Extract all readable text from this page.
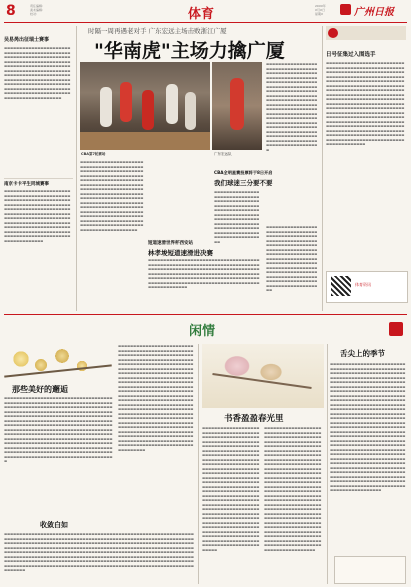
8	责任编辑：
美术编辑：
校对：	体育
20XX年
X月X日
星期X	广州日报
吴易昺出征瑞士赛事
▬▬▬▬▬▬▬▬▬▬▬▬▬▬▬▬▬▬▬▬▬▬▬▬▬▬▬▬▬▬▬▬▬▬▬▬▬▬▬▬▬▬▬▬▬▬▬▬▬▬▬▬▬▬▬▬▬▬▬▬▬▬▬▬▬▬▬▬▬▬▬▬▬▬▬▬▬▬▬▬▬▬▬▬▬▬▬▬▬▬▬▬▬▬▬▬▬▬▬▬▬▬▬▬▬▬▬▬▬▬▬▬▬▬▬▬▬▬▬▬▬▬▬▬▬▬▬▬▬▬▬▬▬▬▬▬▬▬▬▬▬▬▬▬▬▬▬▬▬▬▬▬▬▬▬▬▬▬▬▬▬▬▬▬▬▬▬▬▬▬▬▬▬▬▬▬▬▬▬▬▬▬▬▬▬▬▬▬▬▬▬▬▬▬▬▬▬▬▬▬▬▬▬▬▬▬▬▬▬▬▬▬▬▬▬▬▬▬▬▬▬▬▬▬▬▬▬▬▬▬▬▬▬▬▬▬▬▬▬▬▬▬▬▬▬▬▬▬▬▬▬▬▬▬▬▬▬▬▬▬▬
南京卡卡平生同城赛事
▬▬▬▬▬▬▬▬▬▬▬▬▬▬▬▬▬▬▬▬▬▬▬▬▬▬▬▬▬▬▬▬▬▬▬▬▬▬▬▬▬▬▬▬▬▬▬▬▬▬▬▬▬▬▬▬▬▬▬▬▬▬▬▬▬▬▬▬▬▬▬▬▬▬▬▬▬▬▬▬▬▬▬▬▬▬▬▬▬▬▬▬▬▬▬▬▬▬▬▬▬▬▬▬▬▬▬▬▬▬▬▬▬▬▬▬▬▬▬▬▬▬▬▬▬▬▬▬▬▬▬▬▬▬▬▬▬▬▬▬▬▬▬▬▬▬▬▬▬▬▬▬▬▬▬▬▬▬▬▬▬▬▬▬▬▬▬▬▬▬▬▬▬▬▬▬▬▬▬▬▬▬▬▬▬▬▬▬▬▬▬▬▬▬▬▬▬▬▬▬▬▬▬▬▬▬▬▬▬▬▬▬▬▬▬▬▬▬▬▬▬▬▬▬▬▬▬▬▬▬▬▬▬▬▬▬▬▬▬▬▬▬▬▬▬▬▬▬▬▬▬▬▬▬▬
时隔一周再遇老对手 广东宏远主场击败浙江广厦
"华南虎"主场力擒广厦
CBA第7轮赛场	广东宏远队
▬▬▬▬▬▬▬▬▬▬▬▬▬▬▬▬▬▬▬▬▬▬▬▬▬▬▬▬▬▬▬▬▬▬▬▬▬▬▬▬▬▬▬▬▬▬▬▬▬▬▬▬▬▬▬▬▬▬▬▬▬▬▬▬▬▬▬▬▬▬▬▬▬▬▬▬▬▬▬▬▬▬▬▬▬▬▬▬▬▬▬▬▬▬▬▬▬▬▬▬▬▬▬▬▬▬▬▬▬▬▬▬▬▬▬▬▬▬▬▬▬▬▬▬▬▬▬▬▬▬▬▬▬▬▬▬▬▬▬▬▬▬▬▬▬▬▬▬▬▬▬▬▬▬▬▬▬▬▬▬▬▬▬▬▬▬▬▬▬▬▬▬▬▬▬▬▬▬▬▬▬▬▬▬▬▬▬▬▬▬▬▬▬▬▬▬▬▬▬▬▬▬▬▬▬▬▬▬▬▬▬▬▬▬▬▬▬▬▬▬▬▬▬▬▬▬▬▬▬▬▬▬▬▬▬▬▬▬▬▬▬▬▬▬▬▬▬▬▬▬▬▬▬▬▬▬▬▬▬▬▬▬▬▬▬▬▬▬▬▬▬▬▬▬▬▬▬▬▬▬▬▬▬▬▬▬▬▬▬▬▬▬▬▬▬▬▬▬▬▬▬▬▬▬▬▬▬▬▬▬▬▬▬▬▬▬▬▬▬▬▬▬▬▬▬▬▬▬▬▬▬▬▬▬
短道速滑世界杯西安站
林孝埈短道速滑进决赛
▬▬▬▬▬▬▬▬▬▬▬▬▬▬▬▬▬▬▬▬▬▬▬▬▬▬▬▬▬▬▬▬▬▬▬▬▬▬▬▬▬▬▬▬▬▬▬▬▬▬▬▬▬▬▬▬▬▬▬▬▬▬▬▬▬▬▬▬▬▬▬▬▬▬▬▬▬▬▬▬▬▬▬▬▬▬▬▬▬▬▬▬▬▬▬▬▬▬▬▬▬▬▬▬▬▬▬▬▬▬▬▬▬▬▬▬▬▬▬▬▬▬▬▬▬▬▬▬▬▬▬▬▬▬▬▬▬▬▬▬▬▬▬▬▬▬▬▬▬▬▬▬▬▬▬▬▬▬▬▬▬▬▬▬▬▬▬▬▬▬▬▬▬▬▬▬▬▬▬▬▬▬▬▬▬▬▬▬▬▬▬▬▬▬▬▬▬▬▬▬▬▬▬▬▬▬▬▬▬▬▬▬▬▬▬▬▬▬▬▬▬▬▬▬▬▬▬▬▬▬▬▬▬▬▬
▬▬▬▬▬▬▬▬▬▬▬▬▬▬▬▬▬▬▬▬▬▬▬▬▬▬▬▬▬▬▬▬▬▬▬▬▬▬▬▬▬▬▬▬▬▬▬▬▬▬▬▬▬▬▬▬▬▬▬▬▬▬▬▬▬▬▬▬▬▬▬▬▬▬▬▬▬▬▬▬▬▬▬▬▬▬▬▬▬▬▬▬▬▬▬▬▬▬▬▬▬▬▬▬▬▬▬▬▬▬▬▬▬▬▬▬▬▬▬▬▬▬▬▬▬▬▬▬▬▬▬▬▬▬▬▬▬▬▬▬▬▬▬▬▬▬▬▬▬▬▬▬▬▬▬▬▬▬▬▬▬▬▬▬▬▬▬▬▬▬▬▬▬▬▬▬▬▬▬▬▬▬▬▬▬▬▬▬▬▬▬▬▬▬▬▬▬▬▬▬▬▬▬▬▬▬▬▬▬▬▬▬▬▬▬▬▬▬▬▬▬▬▬▬▬▬▬▬▬▬▬▬▬▬▬▬▬▬▬▬▬▬▬▬▬▬▬▬▬▬▬▬▬▬▬▬▬▬▬▬▬▬▬▬▬▬▬▬▬▬▬▬▬▬▬▬▬▬▬▬▬▬▬▬▬▬▬▬▬▬▬▬▬▬▬▬▬▬▬▬▬▬▬▬▬▬▬▬▬▬▬▬▬▬▬▬▬▬▬▬▬▬▬▬
CBA全明星赛投票将于8日开启
我们球迷三分要不要
▬▬▬▬▬▬▬▬▬▬▬▬▬▬▬▬▬▬▬▬▬▬▬▬▬▬▬▬▬▬▬▬▬▬▬▬▬▬▬▬▬▬▬▬▬▬▬▬▬▬▬▬▬▬▬▬▬▬▬▬▬▬▬▬▬▬▬▬▬▬▬▬▬▬▬▬▬▬▬▬▬▬▬▬▬▬▬▬▬▬▬▬▬▬▬▬▬▬▬▬▬▬▬▬▬▬▬▬▬▬▬▬▬▬▬▬▬▬▬▬▬▬▬▬▬▬▬▬▬▬▬▬▬▬▬▬▬▬▬▬▬▬▬▬▬▬▬▬▬▬▬▬▬▬▬▬▬▬▬▬▬▬▬▬▬▬▬
▬▬▬▬▬▬▬▬▬▬▬▬▬▬▬▬▬▬▬▬▬▬▬▬▬▬▬▬▬▬▬▬▬▬▬▬▬▬▬▬▬▬▬▬▬▬▬▬▬▬▬▬▬▬▬▬▬▬▬▬▬▬▬▬▬▬▬▬▬▬▬▬▬▬▬▬▬▬▬▬▬▬▬▬▬▬▬▬▬▬▬▬▬▬▬▬▬▬▬▬▬▬▬▬▬▬▬▬▬▬▬▬▬▬▬▬▬▬▬▬▬▬▬▬▬▬▬▬▬▬▬▬▬▬▬▬▬▬▬▬▬▬▬▬▬▬▬▬▬▬▬▬▬▬▬▬▬▬▬▬▬▬▬▬▬▬▬▬▬▬▬▬▬▬▬▬▬▬▬▬▬▬▬▬▬▬▬▬▬▬▬▬▬▬▬▬▬▬▬▬▬▬▬▬▬▬▬▬▬▬▬▬▬▬▬▬▬▬▬▬▬▬▬▬▬▬▬▬▬▬▬▬▬▬▬▬▬▬▬▬
日号征集过入围选手
▬▬▬▬▬▬▬▬▬▬▬▬▬▬▬▬▬▬▬▬▬▬▬▬▬▬▬▬▬▬▬▬▬▬▬▬▬▬▬▬▬▬▬▬▬▬▬▬▬▬▬▬▬▬▬▬▬▬▬▬▬▬▬▬▬▬▬▬▬▬▬▬▬▬▬▬▬▬▬▬▬▬▬▬▬▬▬▬▬▬▬▬▬▬▬▬▬▬▬▬▬▬▬▬▬▬▬▬▬▬▬▬▬▬▬▬▬▬▬▬▬▬▬▬▬▬▬▬▬▬▬▬▬▬▬▬▬▬▬▬▬▬▬▬▬▬▬▬▬▬▬▬▬▬▬▬▬▬▬▬▬▬▬▬▬▬▬▬▬▬▬▬▬▬▬▬▬▬▬▬▬▬▬▬▬▬▬▬▬▬▬▬▬▬▬▬▬▬▬▬▬▬▬▬▬▬▬▬▬▬▬▬▬▬▬▬▬▬▬▬▬▬▬▬▬▬▬▬▬▬▬▬▬▬▬▬▬▬▬▬▬▬▬▬▬▬▬▬▬▬▬▬▬▬▬▬▬▬▬▬▬▬▬▬▬▬▬▬▬▬▬▬▬▬▬▬▬▬▬▬▬▬▬▬▬▬▬▬▬▬▬▬▬▬▬▬▬▬▬▬▬▬▬▬▬▬▬▬▬▬▬▬▬▬▬▬▬▬▬▬▬▬▬▬▬▬▬▬▬▬▬▬▬▬▬▬▬▬▬▬▬▬▬▬▬▬▬▬▬▬▬▬▬▬▬▬▬▬▬▬▬▬▬▬▬▬▬▬▬▬▬▬▬▬▬▬▬▬▬▬▬▬▬▬▬▬▬▬▬▬▬▬▬▬▬▬▬▬▬▬▬▬▬▬▬▬▬▬▬▬▬▬▬▬▬▬▬▬▬▬▬▬▬▬▬▬▬▬▬▬▬▬▬▬▬▬▬▬▬▬▬▬▬▬▬▬▬▬▬▬▬▬▬▬▬▬▬▬▬▬▬▬▬▬▬▬▬▬▬▬▬▬▬▬▬▬▬▬▬▬▬
体育资讯
闲情
那些美好的邂逅
▬▬▬▬▬▬▬▬▬▬▬▬▬▬▬▬▬▬▬▬▬▬▬▬▬▬▬▬▬▬▬▬▬▬▬▬▬▬▬▬▬▬▬▬▬▬▬▬▬▬▬▬▬▬▬▬▬▬▬▬▬▬▬▬▬▬▬▬▬▬▬▬▬▬▬▬▬▬▬▬▬▬▬▬▬▬▬▬▬▬▬▬▬▬▬▬▬▬▬▬▬▬▬▬▬▬▬▬▬▬▬▬▬▬▬▬▬▬▬▬▬▬▬▬▬▬▬▬▬▬▬▬▬▬▬▬▬▬▬▬▬▬▬▬▬▬▬▬▬▬▬▬▬▬▬▬▬▬▬▬▬▬▬▬▬▬▬▬▬▬▬▬▬▬▬▬▬▬▬▬▬▬▬▬▬▬▬▬▬▬▬▬▬▬▬▬▬▬▬▬▬▬▬▬▬▬▬▬▬▬▬▬▬▬▬▬▬▬▬▬▬▬▬▬▬▬▬▬▬▬▬▬▬▬▬▬▬▬▬▬▬▬▬▬▬▬▬▬▬▬▬▬▬▬▬▬▬▬▬▬▬▬▬▬▬▬▬▬▬▬▬▬▬▬▬▬▬▬▬▬▬▬▬▬▬▬▬▬▬▬▬▬▬▬▬▬▬▬▬▬▬▬▬▬▬▬▬▬▬▬▬▬▬▬▬▬▬▬▬▬▬▬▬▬▬▬▬▬▬▬▬▬▬▬▬▬▬▬▬▬▬▬▬▬▬▬▬▬▬▬▬▬▬▬▬▬▬▬▬▬▬▬▬▬▬▬▬▬▬▬▬▬▬▬▬▬▬▬▬▬▬▬▬▬▬▬▬▬▬▬▬▬▬▬▬▬▬▬▬▬▬▬▬▬▬▬▬▬▬▬▬▬▬▬▬▬▬▬▬▬▬▬▬▬▬▬▬▬▬▬▬▬▬▬▬▬▬▬▬▬▬▬▬▬▬▬▬▬▬▬▬▬▬▬▬▬▬▬▬▬▬▬▬▬▬▬▬▬▬▬▬▬▬▬▬▬▬▬▬▬▬▬▬▬▬▬▬▬▬▬▬▬▬▬▬▬▬▬▬▬▬▬▬▬▬
收敛白如
▬▬▬▬▬▬▬▬▬▬▬▬▬▬▬▬▬▬▬▬▬▬▬▬▬▬▬▬▬▬▬▬▬▬▬▬▬▬▬▬▬▬▬▬▬▬▬▬▬▬▬▬▬▬▬▬▬▬▬▬▬▬▬▬▬▬▬▬▬▬▬▬▬▬▬▬▬▬▬▬▬▬▬▬▬▬▬▬▬▬▬▬▬▬▬▬▬▬▬▬▬▬▬▬▬▬▬▬▬▬▬▬▬▬▬▬▬▬▬▬▬▬▬▬▬▬▬▬▬▬▬▬▬▬▬▬▬▬▬▬▬▬▬▬▬▬▬▬▬▬▬▬▬▬▬▬▬▬▬▬▬▬▬▬▬▬▬▬▬▬▬▬▬▬▬▬▬▬▬▬▬▬▬▬▬▬▬▬▬▬▬▬▬▬▬▬▬▬▬▬▬▬▬▬▬▬▬▬▬▬▬▬▬▬▬▬▬▬▬▬▬▬▬▬▬▬▬▬▬▬▬▬▬▬▬▬▬▬▬▬▬▬▬▬▬▬▬▬▬▬▬▬▬▬▬▬▬▬▬▬▬▬▬▬▬▬▬▬▬▬▬▬▬▬▬▬▬▬▬▬▬▬▬▬▬▬▬▬▬▬▬▬▬▬▬▬▬▬▬▬▬▬▬▬▬▬▬▬▬▬▬▬▬▬▬▬▬▬▬▬▬▬▬▬▬▬▬▬▬▬▬▬▬▬▬▬▬▬▬▬▬▬▬▬▬▬▬▬▬▬▬▬▬▬▬▬▬▬▬▬▬▬▬▬▬▬▬▬▬▬▬▬▬▬▬▬▬▬▬▬▬▬▬▬▬▬▬▬▬▬▬▬▬▬▬▬▬▬▬▬▬▬▬▬▬▬▬▬▬▬▬▬▬▬▬▬▬▬▬▬▬▬▬▬▬▬▬▬▬▬▬▬▬▬▬▬▬▬▬▬▬▬▬▬▬▬▬▬▬▬▬▬▬▬▬▬▬▬▬▬▬▬▬▬▬▬▬▬▬▬▬▬▬▬▬▬▬▬▬▬▬▬▬▬▬▬▬▬▬▬▬▬▬▬▬▬▬▬▬▬▬▬▬▬▬▬▬▬▬▬▬
▬▬▬▬▬▬▬▬▬▬▬▬▬▬▬▬▬▬▬▬▬▬▬▬▬▬▬▬▬▬▬▬▬▬▬▬▬▬▬▬▬▬▬▬▬▬▬▬▬▬▬▬▬▬▬▬▬▬▬▬▬▬▬▬▬▬▬▬▬▬▬▬▬▬▬▬▬▬▬▬▬▬▬▬▬▬▬▬▬▬▬▬▬▬▬▬▬▬▬▬▬▬▬▬▬▬▬▬▬▬▬▬▬▬▬▬▬▬▬▬▬▬▬▬▬▬▬▬▬▬▬▬▬▬▬▬▬▬▬▬▬▬▬▬▬▬▬▬▬▬▬▬▬▬▬▬▬▬▬▬▬▬▬▬▬▬▬▬▬▬▬▬▬▬▬▬▬▬▬▬▬▬▬▬▬▬▬▬▬▬▬▬▬▬▬▬▬▬▬▬▬▬▬▬▬▬▬▬▬▬▬▬▬▬▬▬▬▬▬▬▬▬▬▬▬▬▬▬▬▬▬▬▬▬▬▬▬▬▬▬▬▬▬▬▬▬▬▬▬▬▬▬▬▬▬▬▬▬▬▬▬▬▬▬▬▬▬▬▬▬▬▬▬▬▬▬▬▬▬▬▬▬▬▬▬▬▬▬▬▬▬▬▬▬▬▬▬▬▬▬▬▬▬▬▬▬▬▬▬▬▬▬▬▬▬▬▬▬▬▬▬▬▬▬▬▬▬▬▬▬▬▬▬▬▬▬▬▬▬▬▬▬▬▬▬▬▬▬▬▬▬▬▬▬▬▬▬▬▬▬▬▬▬▬▬▬▬▬▬▬▬▬▬▬▬▬▬▬▬▬▬▬▬▬▬▬▬▬▬▬▬▬▬▬▬▬▬▬▬▬▬▬▬▬▬▬▬▬▬▬▬▬▬▬▬▬▬▬▬▬▬▬▬▬▬▬▬▬▬▬▬▬▬▬▬▬▬▬▬▬▬▬▬▬▬▬▬▬▬▬▬▬▬▬▬▬▬▬▬▬▬▬▬▬▬▬▬▬▬▬▬▬▬▬▬▬▬▬▬▬▬▬▬▬▬▬▬▬▬▬▬▬▬▬▬▬▬▬▬▬▬▬▬▬▬▬▬▬▬▬▬▬▬▬▬▬▬▬▬▬▬▬▬▬▬▬▬▬▬▬▬▬▬▬▬▬▬▬▬▬▬▬▬▬▬▬▬▬▬▬▬▬▬▬▬▬▬▬▬▬▬▬▬▬▬▬▬▬▬▬▬▬▬▬▬▬▬▬▬▬▬▬▬▬
书香盈盈春光里
▬▬▬▬▬▬▬▬▬▬▬▬▬▬▬▬▬▬▬▬▬▬▬▬▬▬▬▬▬▬▬▬▬▬▬▬▬▬▬▬▬▬▬▬▬▬▬▬▬▬▬▬▬▬▬▬▬▬▬▬▬▬▬▬▬▬▬▬▬▬▬▬▬▬▬▬▬▬▬▬▬▬▬▬▬▬▬▬▬▬▬▬▬▬▬▬▬▬▬▬▬▬▬▬▬▬▬▬▬▬▬▬▬▬▬▬▬▬▬▬▬▬▬▬▬▬▬▬▬▬▬▬▬▬▬▬▬▬▬▬▬▬▬▬▬▬▬▬▬▬▬▬▬▬▬▬▬▬▬▬▬▬▬▬▬▬▬▬▬▬▬▬▬▬▬▬▬▬▬▬▬▬▬▬▬▬▬▬▬▬▬▬▬▬▬▬▬▬▬▬▬▬▬▬▬▬▬▬▬▬▬▬▬▬▬▬▬▬▬▬▬▬▬▬▬▬▬▬▬▬▬▬▬▬▬▬▬▬▬▬▬▬▬▬▬▬▬▬▬▬▬▬▬▬▬▬▬▬▬▬▬▬▬▬▬▬▬▬▬▬▬▬▬▬▬▬▬▬▬▬▬▬▬▬▬▬▬▬▬▬▬▬▬▬▬▬▬▬▬▬▬▬▬▬▬▬▬▬▬▬▬▬▬▬▬▬▬▬▬▬▬▬▬▬▬▬▬▬▬▬▬▬▬▬▬▬▬▬▬▬▬▬▬▬▬▬▬▬▬▬▬▬▬▬▬▬▬▬▬▬▬▬▬▬▬▬▬▬▬▬▬▬▬▬▬▬▬▬▬▬▬▬▬▬▬▬▬▬▬▬▬▬▬▬▬▬▬▬▬▬▬▬▬▬▬▬▬▬▬▬▬▬▬▬▬▬▬▬▬▬▬▬▬▬▬▬▬▬▬▬▬▬▬▬▬▬▬▬▬▬▬▬▬▬▬▬▬▬▬▬▬▬▬▬▬▬▬▬▬▬▬▬▬▬▬▬▬▬▬▬▬▬▬▬▬▬▬▬▬▬▬▬▬▬▬▬▬▬▬▬▬▬▬▬▬▬▬▬▬▬▬▬▬▬▬▬▬▬▬▬▬▬▬▬▬▬▬▬
▬▬▬▬▬▬▬▬▬▬▬▬▬▬▬▬▬▬▬▬▬▬▬▬▬▬▬▬▬▬▬▬▬▬▬▬▬▬▬▬▬▬▬▬▬▬▬▬▬▬▬▬▬▬▬▬▬▬▬▬▬▬▬▬▬▬▬▬▬▬▬▬▬▬▬▬▬▬▬▬▬▬▬▬▬▬▬▬▬▬▬▬▬▬▬▬▬▬▬▬▬▬▬▬▬▬▬▬▬▬▬▬▬▬▬▬▬▬▬▬▬▬▬▬▬▬▬▬▬▬▬▬▬▬▬▬▬▬▬▬▬▬▬▬▬▬▬▬▬▬▬▬▬▬▬▬▬▬▬▬▬▬▬▬▬▬▬▬▬▬▬▬▬▬▬▬▬▬▬▬▬▬▬▬▬▬▬▬▬▬▬▬▬▬▬▬▬▬▬▬▬▬▬▬▬▬▬▬▬▬▬▬▬▬▬▬▬▬▬▬▬▬▬▬▬▬▬▬▬▬▬▬▬▬▬▬▬▬▬▬▬▬▬▬▬▬▬▬▬▬▬▬▬▬▬▬▬▬▬▬▬▬▬▬▬▬▬▬▬▬▬▬▬▬▬▬▬▬▬▬▬▬▬▬▬▬▬▬▬▬▬▬▬▬▬▬▬▬▬▬▬▬▬▬▬▬▬▬▬▬▬▬▬▬▬▬▬▬▬▬▬▬▬▬▬▬▬▬▬▬▬▬▬▬▬▬▬▬▬▬▬▬▬▬▬▬▬▬▬▬▬▬▬▬▬▬▬▬▬▬▬▬▬▬▬▬▬▬▬▬▬▬▬▬▬▬▬▬▬▬▬▬▬▬▬▬▬▬▬▬▬▬▬▬▬▬▬▬▬▬▬▬▬▬▬▬▬▬▬▬▬▬▬▬▬▬▬▬▬▬▬▬▬▬▬▬▬▬▬▬▬▬▬▬▬▬▬▬▬▬▬▬▬▬▬▬▬▬▬▬▬▬▬▬▬▬▬▬▬▬▬▬▬▬▬▬▬▬▬▬▬▬▬▬▬▬▬▬▬▬▬▬▬▬▬▬▬▬▬▬▬▬▬▬▬▬▬▬▬▬▬▬▬▬▬▬▬▬▬▬▬▬▬▬▬▬▬▬▬▬▬▬▬▬▬▬▬▬▬▬
舌尖上的季节
▬▬▬▬▬▬▬▬▬▬▬▬▬▬▬▬▬▬▬▬▬▬▬▬▬▬▬▬▬▬▬▬▬▬▬▬▬▬▬▬▬▬▬▬▬▬▬▬▬▬▬▬▬▬▬▬▬▬▬▬▬▬▬▬▬▬▬▬▬▬▬▬▬▬▬▬▬▬▬▬▬▬▬▬▬▬▬▬▬▬▬▬▬▬▬▬▬▬▬▬▬▬▬▬▬▬▬▬▬▬▬▬▬▬▬▬▬▬▬▬▬▬▬▬▬▬▬▬▬▬▬▬▬▬▬▬▬▬▬▬▬▬▬▬▬▬▬▬▬▬▬▬▬▬▬▬▬▬▬▬▬▬▬▬▬▬▬▬▬▬▬▬▬▬▬▬▬▬▬▬▬▬▬▬▬▬▬▬▬▬▬▬▬▬▬▬▬▬▬▬▬▬▬▬▬▬▬▬▬▬▬▬▬▬▬▬▬▬▬▬▬▬▬▬▬▬▬▬▬▬▬▬▬▬▬▬▬▬▬▬▬▬▬▬▬▬▬▬▬▬▬▬▬▬▬▬▬▬▬▬▬▬▬▬▬▬▬▬▬▬▬▬▬▬▬▬▬▬▬▬▬▬▬▬▬▬▬▬▬▬▬▬▬▬▬▬▬▬▬▬▬▬▬▬▬▬▬▬▬▬▬▬▬▬▬▬▬▬▬▬▬▬▬▬▬▬▬▬▬▬▬▬▬▬▬▬▬▬▬▬▬▬▬▬▬▬▬▬▬▬▬▬▬▬▬▬▬▬▬▬▬▬▬▬▬▬▬▬▬▬▬▬▬▬▬▬▬▬▬▬▬▬▬▬▬▬▬▬▬▬▬▬▬▬▬▬▬▬▬▬▬▬▬▬▬▬▬▬▬▬▬▬▬▬▬▬▬▬▬▬▬▬▬▬▬▬▬▬▬▬▬▬▬▬▬▬▬▬▬▬▬▬▬▬▬▬▬▬▬▬▬▬▬▬▬▬▬▬▬▬▬▬▬▬▬▬▬▬▬▬▬▬▬▬▬▬▬▬▬▬▬▬▬▬▬▬▬▬▬▬▬▬▬▬▬▬▬▬▬▬▬▬▬▬▬▬▬▬▬▬▬▬▬▬▬▬▬▬▬▬▬▬▬▬▬▬▬▬▬▬▬▬▬▬▬▬▬▬▬▬▬▬▬▬▬▬▬▬▬▬▬▬▬▬▬▬▬▬▬▬▬▬▬▬▬▬▬▬▬▬▬▬▬▬▬▬▬▬▬▬▬▬▬▬▬▬▬▬▬▬▬▬▬▬▬▬▬▬▬▬▬▬▬▬▬▬▬▬▬▬▬▬▬▬▬▬▬▬▬▬▬▬▬▬▬▬▬▬▬▬▬▬▬▬▬▬▬▬▬▬▬▬▬▬▬▬▬▬▬▬▬▬▬▬▬▬▬▬▬▬▬▬▬▬▬▬▬▬▬▬▬▬▬▬▬▬▬▬▬▬▬▬▬▬▬▬▬▬▬▬▬▬▬▬▬▬▬▬▬▬▬▬▬▬▬▬▬▬▬▬▬▬▬▬▬▬▬
